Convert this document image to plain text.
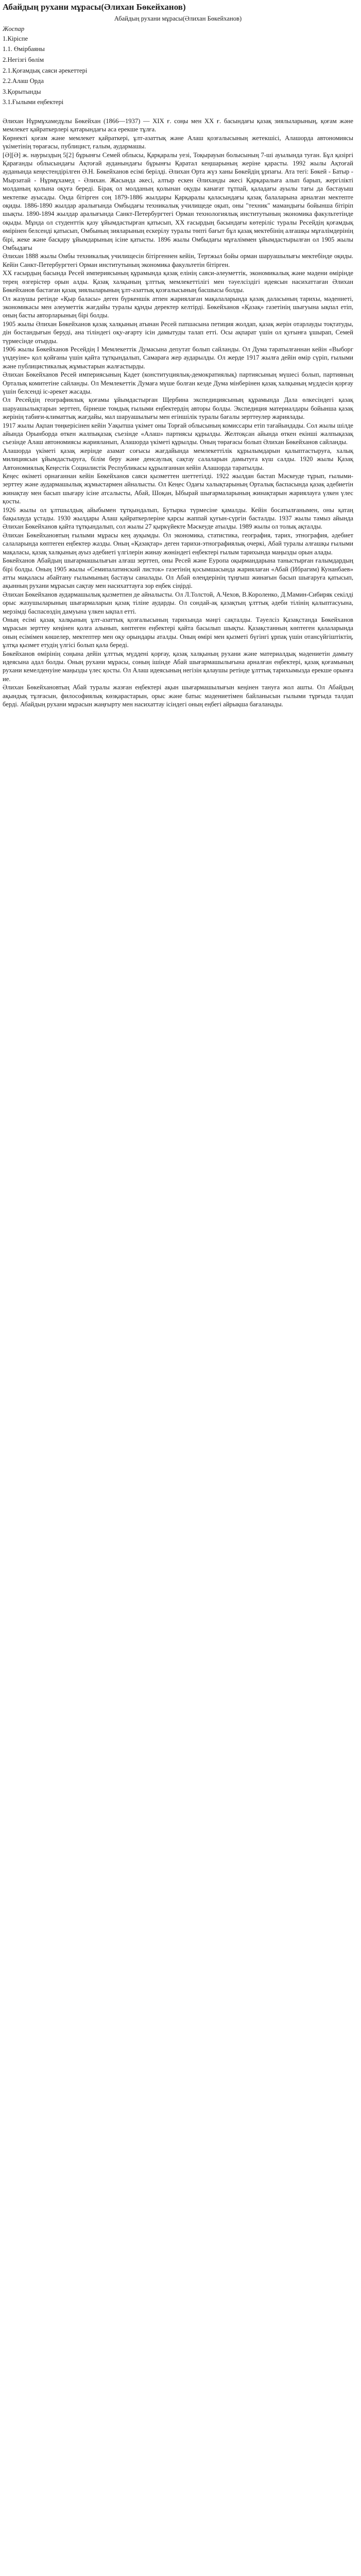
Абайдың рухани мұрасы(Әлихан Бөкейханов)
Абайдың рухани мұрасы(Әлихан Бөкейханов)
Жоспар
1.Кіріспе
1.1. Өмірбаяны
2.Негізгі бөлім
2.1.Қоғамдық саяси әрекеттері
2.2.Алаш Орда
3.Қорытынды
3.1.Ғылыми еңбектері

Әлихан Нұрмұхамедұлы Бөкейхан (1866—1937) — ХІХ ғ. соңы мен ХХ ғ. басындағы қазақ зиялыларының, қоғам және мемлекет қайраткерлері қатарындағы аса ерекше тұлға.

Көрнекті қоғам және мемлекет қайраткері, ұлт-азаттық және Алаш қозғалысының жетекшісі, Алашорда автономиясы үкіметінің төрағасы, публицист, ғалым, аудармашы.

[Ә][Ә] ж. наурыздың 5[2] бұрынғы Семей облысы, Қарқаралы уезі, Тоқырауын болысының 7-ші ауылында туған. Бұл қазіргі Қарағанды облысындағы Ақтоғай ауданындағы бұрынғы Қаратал кеңшарының жеріне қарасты. 1992 жылы Ақтоғай ауданында кеңестендірілген Ә.Н. Бөкейханов есімі берілді. Әлихан Орта жүз ханы Бөкейдің ұрпағы. Ата тегі: Бөкей - Батыр - Мырзатай - Нұрмұхамед - Әлихан. Жасында әкесі, алтыр ескен Әлиханды әкесі Қарқаралыға алып барып, жергілікті молданың қолына оқуға береді. Бірақ ол молданың қолынан оқуды канағат тұтпай, қаладағы ауылы тағы да бастауыш мектепке ауысады. Онда бітірген соң 1879-1886 жылдары Қарқаралы қаласындағы қазақ балаларына арналған мектепте оқиды. 1886-1890 жылдар аралығында Омбыдағы техникалық училищеде оқып, оны "техник" мамандығы бойынша бітіріп шықты. 1890-1894 жылдар аралығында Санкт-Петербургтегі Орман технологиялық институтының экономика факультетінде оқыды. Мұнда ол студенттік қазу ұйымдастырған қатысып, ХХ ғасырдың басындағы көтеріліс туралы Ресейдің қоғамдық өмірінен белсенді қатысып, Омбының зияларының ескерілу туралы төпті бағыт бұл қазақ мектебінің алғашқы мұғалімдерінің бірі, жеке және басқару ұйымдарының ісіне қатысты. 1896 жылы Омбыдағы мұғаліммен ұйымдастырылған ол 1905 жылы Омбыдағы

Әлихан 1888 жылы Омбы техникалық училищесін бітіргеннен кейін, Тертжыл бойы орман шаруашылығы мектебінде оқиды. Кейін Санкт-Петербургтегі Орман институтының экономика факультетін бітірген.

ХХ ғасырдың басында Ресей империясының құрамында қазақ елінің саяси-әлеуметтік, экономикалық және мәдени өмірінде терең өзгерістер орын алды. Қазақ халқының ұлттық мемлекеттілігі мен тәуелсіздігі идеясын насихаттаған Әлихан Бөкейханов бастаған қазақ зиялыларының ұлт-азаттық қозғалысының басшысы болды.

Ол жазушы ретінде «Қыр баласы» деген бүркеншік атпен жариялаған мақалаларында қазақ даласының тарихы, мәдениеті, экономикасы мен әлеуметтік жағдайы туралы құнды деректер келтірді. Бөкейханов «Қазақ» газетінің шығуына ықпал етіп, оның басты авторларының бірі болды.

1905 жылы Әлихан Бөкейханов қазақ халқының атынан Ресей патшасына петиция жолдап, қазақ жерін отарлауды тоқтатуды, дін бостандығын беруді, ана тіліндегі оқу-ағарту ісін дамытуды талап етті. Осы ақпарат үшін ол қуғынға ұшырап, Семей түрмесінде отырды.

1906 жылы Бөкейханов Ресейдің І Мемлекеттік Думасына депутат болып сайланды. Ол Дума таратылғаннан кейін «Выборг үндеуіне» қол қойғаны үшін қайта тұтқындалып, Самараға жер аударылды. Ол жерде 1917 жылға дейін өмір сүріп, ғылыми және публицистикалық жұмыстарын жалғастырды.

Әлихан Бөкейханов Ресей империясының Кадет (конституциялық-демократиялық) партиясының мүшесі болып, партияның Орталық комитетіне сайланды. Ол Мемлекеттік Думаға мүше болған кезде Дума мінберінен қазақ халқының мүддесін қорғау үшін белсенді іс-әрекет жасады.

Ол Ресейдің географиялық қоғамы ұйымдастырған Щербина экспедициясының құрамында Дала өлкесіндегі қазақ шаруашылықтарын зерттеп, бірнеше томдық ғылыми еңбектердің авторы болды. Экспедиция материалдары бойынша қазақ жерінің табиғи-климаттық жағдайы, мал шаруашылығы мен егіншілік туралы бағалы зерттеулер жариялады.

1917 жылы Ақпан төңкерісінен кейін Уақытша үкімет оны Торғай облысының комиссары етіп тағайындады. Сол жылы шілде айында Орынборда өткен жалпықазақ съезінде «Алаш» партиясы құрылды. Желтоқсан айында өткен екінші жалпықазақ съезінде Алаш автономиясы жарияланып, Алашорда үкіметі құрылды. Оның төрағасы болып Әлихан Бөкейханов сайланды.

Алашорда үкіметі қазақ жерінде азамат соғысы жағдайында мемлекеттілік құрылымдарын қалыптастыруға, халық милициясын ұйымдастыруға, білім беру және денсаулық сақтау салаларын дамытуға күш салды. 1920 жылы Қазақ Автономиялық Кеңестік Социалистік Республикасы құрылғаннан кейін Алашорда таратылды.

Кеңес өкіметі орнағаннан кейін Бөкейханов саяси қызметтен шеттетілді. 1922 жылдан бастап Мәскеуде тұрып, ғылыми-зерттеу және аудармашылық жұмыстармен айналысты. Ол Кеңес Одағы халықтарының Орталық баспасында қазақ әдебиетін жинақтау мен басып шығару ісіне атсалысты, Абай, Шоқан, Ыбырай шығармаларының жинақтарын жариялауға үлкен үлес қосты.

1926 жылы ол ұлтшылдық айыбымен тұтқындалып, Бутырка түрмесіне қамалды. Кейін босатылғанымен, оны қатаң бақылауда ұстады. 1930 жылдары Алаш қайраткерлеріне қарсы жаппай қуғын-сүргін басталды. 1937 жылы тамыз айында Әлихан Бөкейханов қайта тұтқындалып, сол жылы 27 қыркүйекте Мәскеуде атылды. 1989 жылы ол толық ақталды.

Әлихан Бөкейхановтың ғылыми мұрасы кең ауқымды. Ол экономика, статистика, география, тарих, этнография, әдебиет салаларында көптеген еңбектер жазды. Оның «Қазақтар» деген тарихи-этнографиялық очеркі, Абай туралы алғашқы ғылыми мақаласы, қазақ халқының ауыз әдебиеті үлгілерін жинау жөніндегі еңбектері ғылым тарихында маңызды орын алады.

Бөкейханов Абайдың шығармашылығын алғаш зерттеп, оны Ресей және Еуропа оқырмандарына таныстырған ғалымдардың бірі болды. Оның 1905 жылы «Семипалатинский листок» газетінің қосымшасында жариялаған «Абай (Ибрагим) Кунанбаев» атты мақаласы абайтану ғылымының бастауы саналады. Ол Абай өлеңдерінің тұңғыш жинағын басып шығаруға қатысып, ақынның рухани мұрасын сақтау мен насихаттауға зор еңбек сіңірді.

Әлихан Бөкейханов аудармашылық қызметпен де айналысты. Ол Л.Толстой, А.Чехов, В.Короленко, Д.Мамин-Сибиряк секілді орыс жазушыларының шығармаларын қазақ тіліне аударды. Ол сондай-ақ қазақтың ұлттық әдеби тілінің қалыптасуына, мерзімді баспасөздің дамуына үлкен ықпал етті.

Оның есімі қазақ халқының ұлт-азаттық қозғалысының тарихында мәңгі сақталды. Тәуелсіз Қазақстанда Бөкейханов мұрасын зерттеу кеңінен қолға алынып, көптеген еңбектері қайта басылып шықты. Қазақстанның көптеген қалаларында оның есімімен көшелер, мектептер мен оқу орындары аталды. Оның өмірі мен қызметі бүгінгі ұрпақ үшін отансүйгіштіктің, ұлтқа қызмет етудің үлгісі болып қала береді.

Бөкейханов өмірінің соңына дейін ұлттық мүддені қорғау, қазақ халқының рухани және материалдық мәдениетін дамыту идеясына адал болды. Оның рухани мұрасы, соның ішінде Абай шығармашылығына арналған еңбектері, қазақ қоғамының рухани кемелденуіне маңызды үлес қосты. Ол Алаш идеясының негізін қалаушы ретінде ұлттық тарихымызда ерекше орынға ие.

Әлихан Бөкейхановтың Абай туралы жазған еңбектері ақын шығармашылығын кеңінен тануға жол ашты. Ол Абайдың ақындық тұлғасын, философиялық көзқарастарын, орыс және батыс мәдениетімен байланысын ғылыми тұрғыда талдап берді. Абайдың рухани мұрасын жаңғырту мен насихаттау ісіндегі оның еңбегі айрықша бағаланады.
